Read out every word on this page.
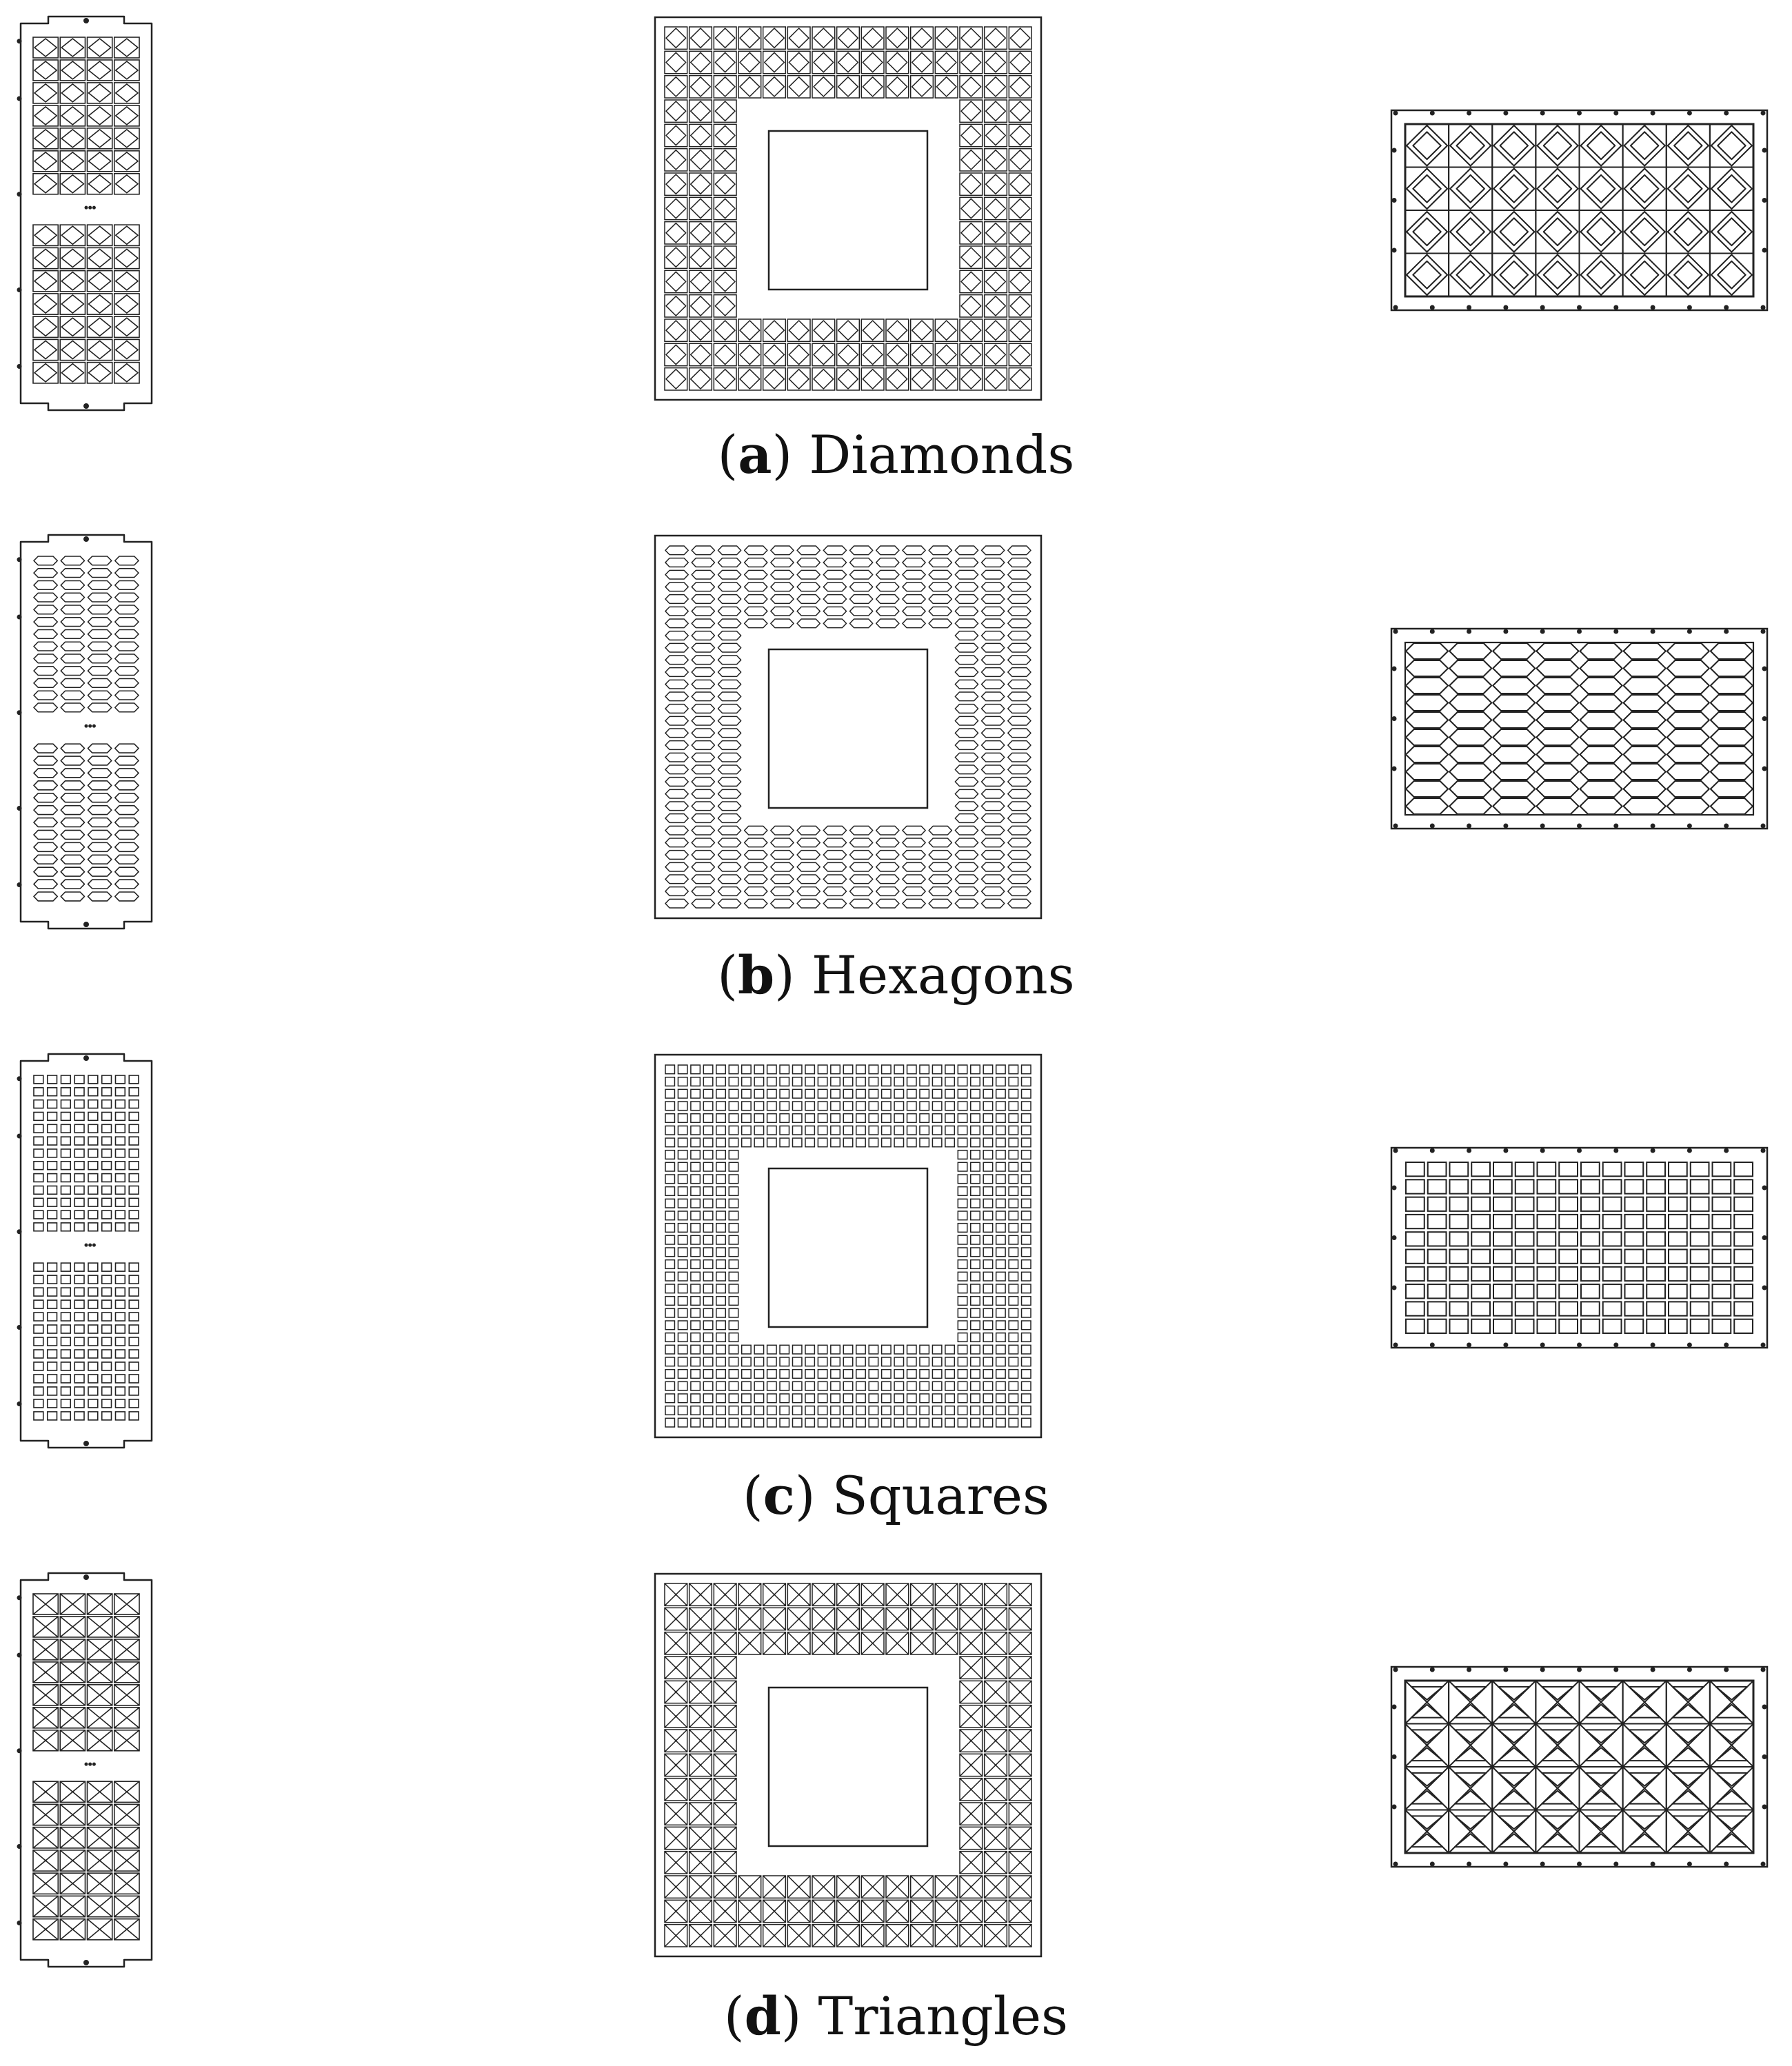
(a) Diamonds
(b) Hexagons
(c) Squares
(d) Triangles
